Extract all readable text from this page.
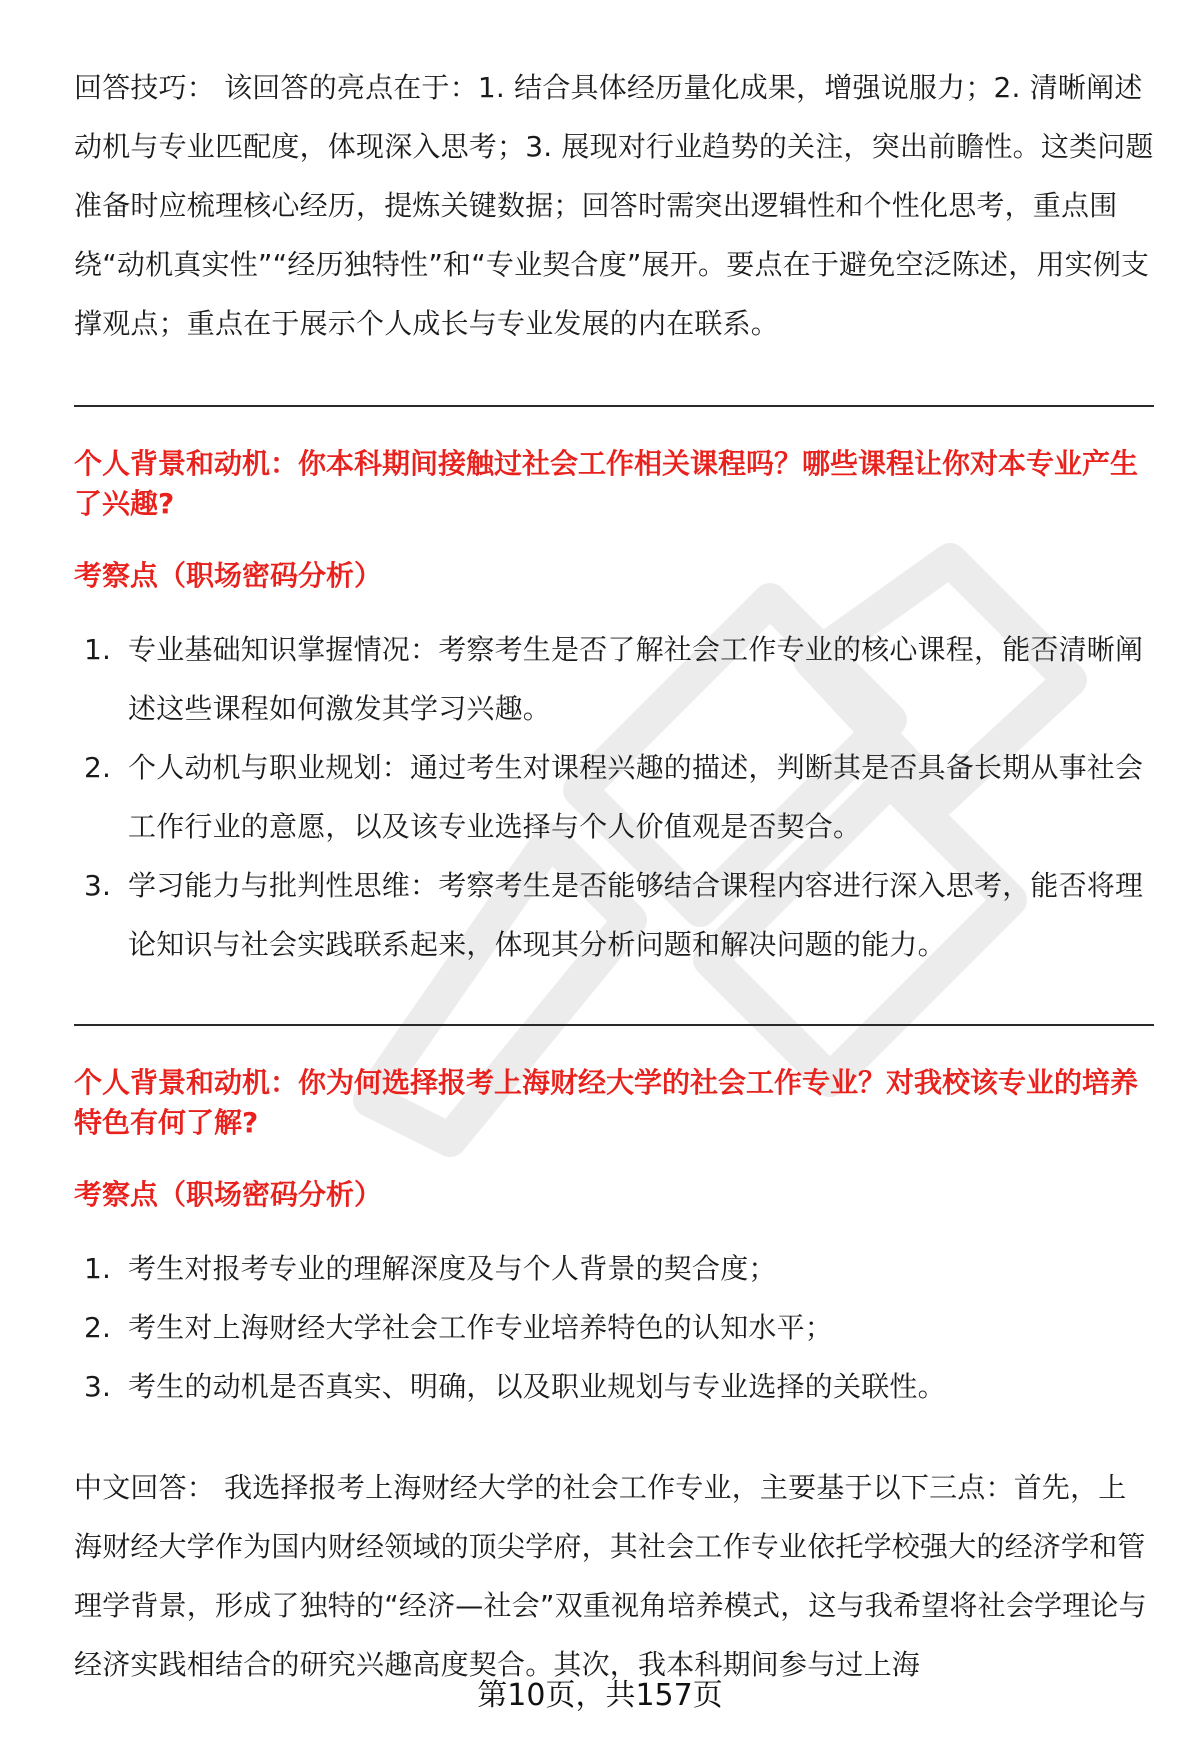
回答技巧： 该回答的亮点在于：1. 结合具体经历量化成果，增强说服力；2. 清晰阐述动机与专业匹配度，体现深入思考；3. 展现对行业趋势的关注，突出前瞻性。这类问题准备时应梳理核心经历，提炼关键数据；回答时需突出逻辑性和个性化思考，重点围绕“动机真实性”“经历独特性”和“专业契合度”展开。要点在于避免空泛陈述，用实例支撑观点；重点在于展示个人成长与专业发展的内在联系。

个人背景和动机：你本科期间接触过社会工作相关课程吗？哪些课程让你对本专业产生了兴趣?

考察点（职场密码分析）

1. 专业基础知识掌握情况：考察考生是否了解社会工作专业的核心课程，能否清晰阐述这些课程如何激发其学习兴趣。
2. 个人动机与职业规划：通过考生对课程兴趣的描述，判断其是否具备长期从事社会工作行业的意愿，以及该专业选择与个人价值观是否契合。
3. 学习能力与批判性思维：考察考生是否能够结合课程内容进行深入思考，能否将理论知识与社会实践联系起来，体现其分析问题和解决问题的能力。

个人背景和动机：你为何选择报考上海财经大学的社会工作专业？对我校该专业的培养特色有何了解?

考察点（职场密码分析）

1. 考生对报考专业的理解深度及与个人背景的契合度；
2. 考生对上海财经大学社会工作专业培养特色的认知水平；
3. 考生的动机是否真实、明确，以及职业规划与专业选择的关联性。

中文回答： 我选择报考上海财经大学的社会工作专业，主要基于以下三点：首先，上海财经大学作为国内财经领域的顶尖学府，其社会工作专业依托学校强大的经济学和管理学背景，形成了独特的“经济—社会”双重视角培养模式，这与我希望将社会学理论与经济实践相结合的研究兴趣高度契合。其次，我本科期间参与过上海

第10页，共157页
